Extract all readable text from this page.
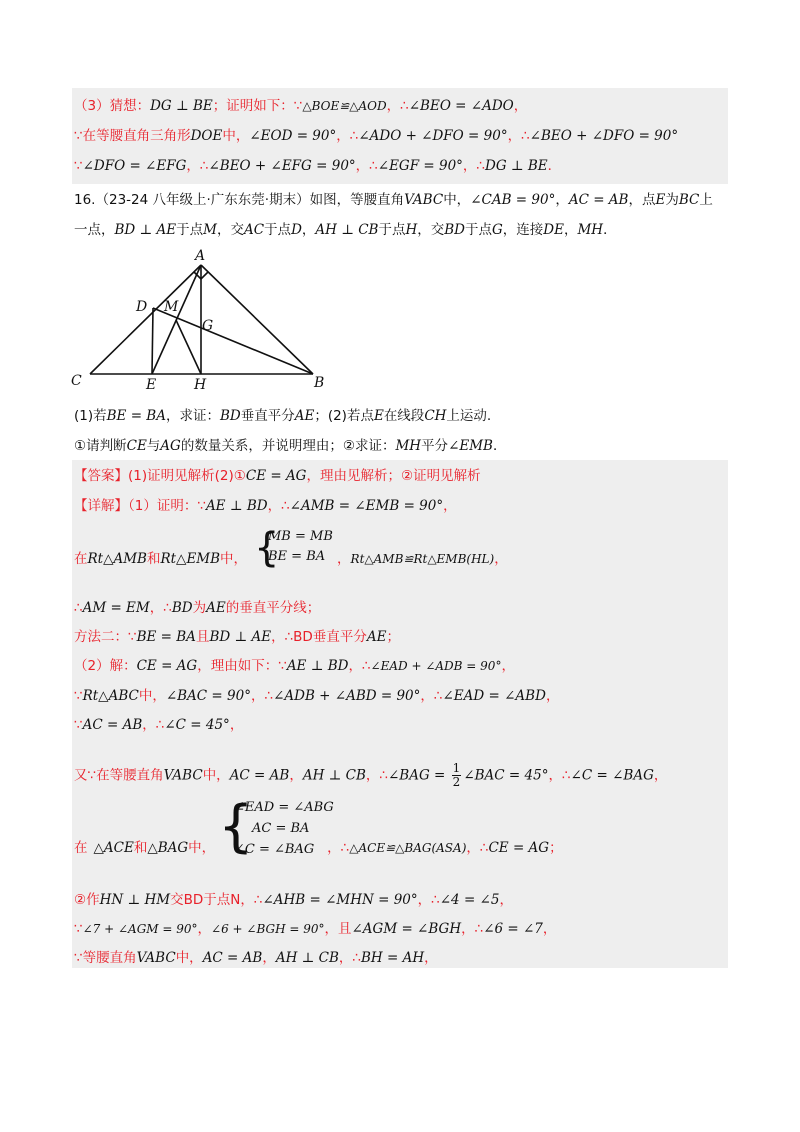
（3）猜想：DG ⊥ BE；证明如下：∵△BOE≌△AOD，∴∠BEO = ∠ADO，
∵在等腰直角三角形DOE中，∠EOD = 90°，∴∠ADO + ∠DFO = 90°，∴∠BEO + ∠DFO = 90°
∵∠DFO = ∠EFG，∴∠BEO + ∠EFG = 90°，∴∠EGF = 90°，∴DG ⊥ BE．
16.（23-24 八年级上·广东东莞·期末）如图，等腰直角VABC中，∠CAB = 90°，AC = AB，点E为BC上
一点，BD ⊥ AE于点M，交AC于点D，AH ⊥ CB于点H，交BD于点G，连接DE，MH．
A
B
C
D M
G
E	H
(1)若BE = BA，求证：BD垂直平分AE；(2)若点E在线段CH上运动.
①请判断CE与AG的数量关系，并说明理由；②求证：MH平分∠EMB．
【答案】(1)证明见解析(2)①CE = AG，理由见解析；②证明见解析
【详解】（1）证明：∵AE ⊥ BD，∴∠AMB = ∠EMB = 90°，
在Rt△AMB和Rt△EMB中，	，Rt△AMB≌Rt△EMB(HL)，
{
MB = MB
BE = BA
∴AM = EM，∴BD为AE的垂直平分线；
方法二：∵BE = BA且BD ⊥ AE，∴BD垂直平分AE；
（2）解：CE = AG，理由如下：∵AE ⊥ BD，∴∠EAD + ∠ADB = 90°，
∵Rt△ABC中，∠BAC = 90°，∴∠ADB + ∠ABD = 90°，∴∠EAD = ∠ABD，
∵AC = AB，∴∠C = 45°，
又∵在等腰直角VABC中，AC = AB，AH ⊥ CB，∴∠BAG = $\frac{1}{2}$ ∠BAC = 45°，∴∠C = ∠BAG，
在 △ACE和△BAG中，	，∴△ACE≌△BAG(ASA)，∴CE = AG；
{
∠EAD = ∠ABG
AC = BA
∠C = ∠BAG
②作HN ⊥ HM交BD于点N，∴∠AHB = ∠MHN = 90°，∴∠4 = ∠5，
∵∠7 + ∠AGM = 90°，∠6 + ∠BGH = 90°，且∠AGM = ∠BGH，∴∠6 = ∠7，
∵等腰直角VABC中，AC = AB，AH ⊥ CB，∴BH = AH，
